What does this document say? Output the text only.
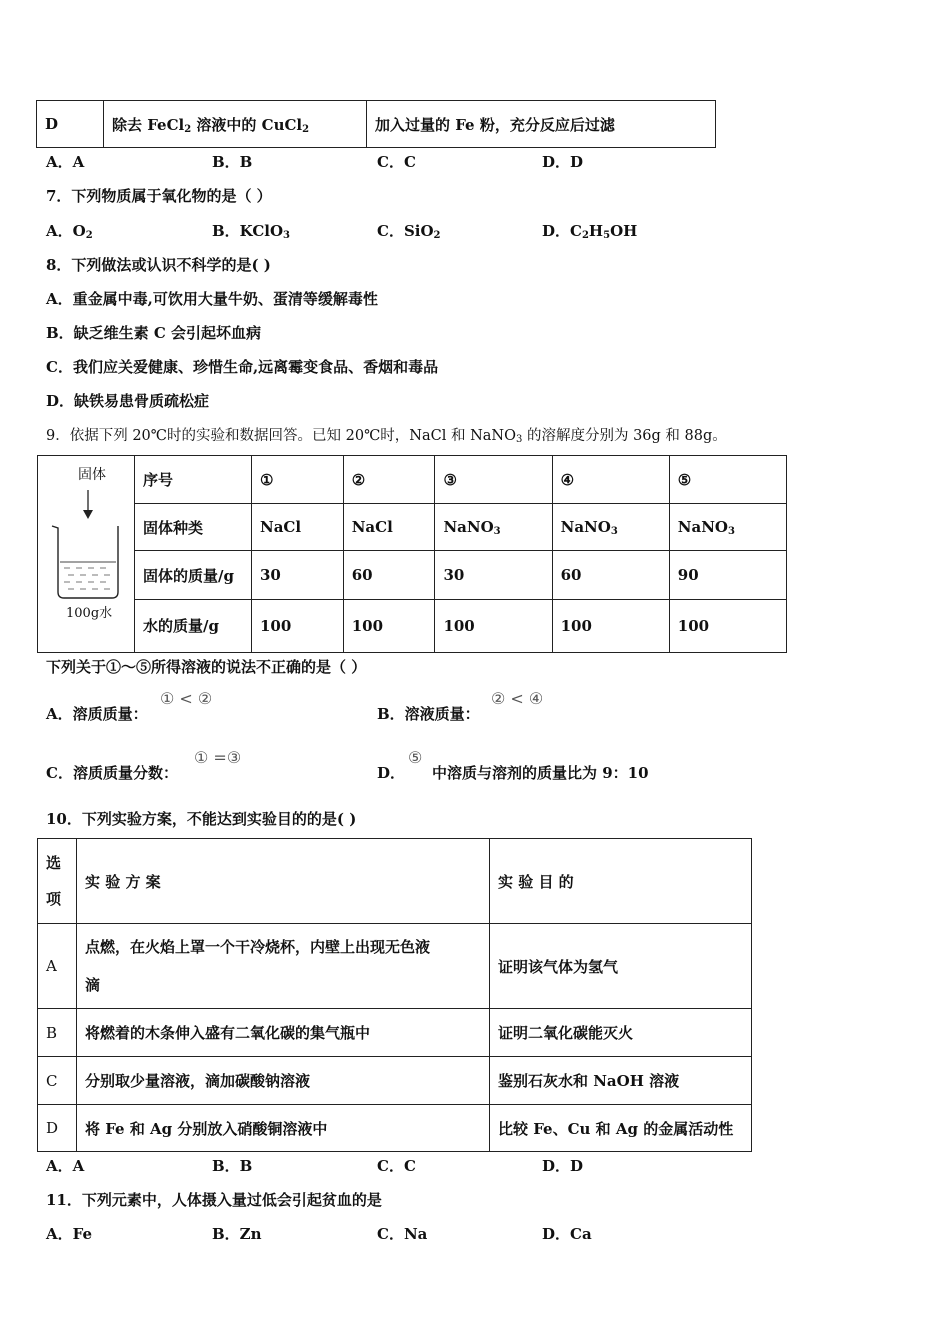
D	除去 FeCl$_2$ 溶液中的 CuCl$_2$	加入过量的 Fe 粉，充分反应后过滤
A．A	B．B	C．C	D．D
7．下列物质属于氧化物的是（ ）
A．$O_2$	B．KClO$_3$	C．SiO$_2$	D．$C_2H_5OH$
8．下列做法或认识不科学的是( )
A．重金属中毒,可饮用大量牛奶、蛋清等缓解毒性
B．缺乏维生素 C 会引起坏血病
C．我们应关爱健康、珍惜生命,远离霉变食品、香烟和毒品
D．缺铁易患骨质疏松症
9．依据下列 20℃时的实验和数据回答。已知 20℃时，NaCl 和 NaNO$_3$ 的溶解度分别为 36g 和 88g。
固体
100g水	序号	①	②	③	④	⑤
	固体种类	NaCl	NaCl	NaNO$_3$	NaNO$_3$	NaNO$_3$
	固体的质量/g	30	60	30	60	90
	水的质量/g	100	100	100	100	100
下列关于①～⑤所得溶液的说法不正确的是（ ）
A．溶质质量：
① < ②
B．溶液质量：
② < ④
C．溶质质量分数：
① =③
D．
⑤
中溶质与溶剂的质量比为 9：10
10．下列实验方案，不能达到实验目的的是( )
选
项	实 验 方 案	实 验 目 的
A	点燃，在火焰上罩一个干冷烧杯，内壁上出现无色液
滴	证明该气体为氢气
B	将燃着的木条伸入盛有二氧化碳的集气瓶中	证明二氧化碳能灭火
C	分别取少量溶液，滴加碳酸钠溶液	鉴别石灰水和 NaOH 溶液
D	将 Fe 和 Ag 分别放入硝酸铜溶液中	比较 Fe、Cu 和 Ag 的金属活动性
A．A	B．B	C．C	D．D
11．下列元素中，人体摄入量过低会引起贫血的是
A．Fe	B．Zn	C．Na	D．Ca
